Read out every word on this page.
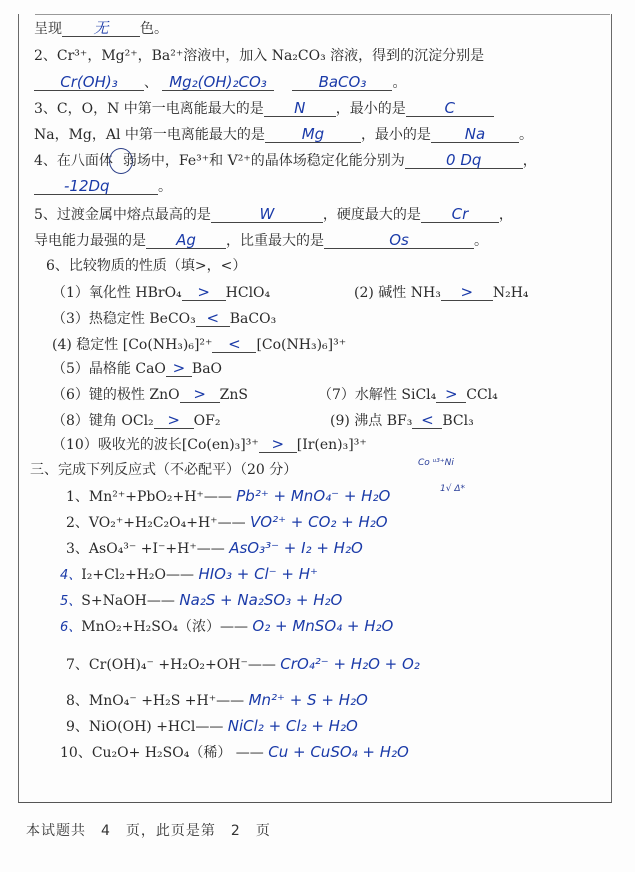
呈现 无 色。
2、Cr³⁺，Mg²⁺，Ba²⁺溶液中，加入 Na₂CO₃ 溶液，得到的沉淀分别是
Cr(OH)₃ 、 Mg₂(OH)₂CO₃	BaCO₃ 。
3、C，O，N 中第一电离能最大的是 N ，最小的是	C
Na，Mg，Al 中第一电离能最大的是 Mg	，最小的是 Na 。
4、在八面体 弱场中，Fe³⁺和 V²⁺的晶体场稳定化能分别为	0 Dq	，
-12Dq	。
5、过渡金属中熔点最高的是	W	，硬度最大的是 Cr ，
导电能力最强的是 Ag ，比重最大的是	Os	。
6、比较物质的性质（填>，<）
（1）氧化性 HBrO₄ > HClO₄	(2) 碱性 NH₃ > N₂H₄
（3）热稳定性 BeCO₃ < BaCO₃
(4) 稳定性 [Co(NH₃)₆]²⁺ < [Co(NH₃)₆]³⁺
（5）晶格能 CaO > BaO
（6）键的极性 ZnO > ZnS	（7）水解性 SiCl₄ > CCl₄
（8）键角 OCl₂ > OF₂	(9) 沸点 BF₃ < BCl₃
（10）吸收光的波长[Co(en)₃]³⁺ > [Ir(en)₃]³⁺
三、完成下列反应式（不必配平）（20 分）	Co ᵘ³⁺Ni
1√ Δ*
1、Mn²⁺+PbO₂+H⁺—— Pb²⁺ + MnO₄⁻ + H₂O
2、VO₂⁺+H₂C₂O₄+H⁺—— VO²⁺ + CO₂ + H₂O
3、AsO₄³⁻ +I⁻+H⁺—— AsO₃³⁻ + I₂ + H₂O
4、I₂+Cl₂+H₂O—— HIO₃ + Cl⁻ + H⁺
5、S+NaOH—— Na₂S + Na₂SO₃ + H₂O
6、MnO₂+H₂SO₄（浓）—— O₂ + MnSO₄ + H₂O
7、Cr(OH)₄⁻ +H₂O₂+OH⁻—— CrO₄²⁻ + H₂O + O₂
8、MnO₄⁻ +H₂S +H⁺—— Mn²⁺ + S + H₂O
9、NiO(OH) +HCl—— NiCl₂ + Cl₂ + H₂O
10、Cu₂O+ H₂SO₄（稀） —— Cu + CuSO₄ + H₂O
本试题共　4　页，此页是第　2　页
